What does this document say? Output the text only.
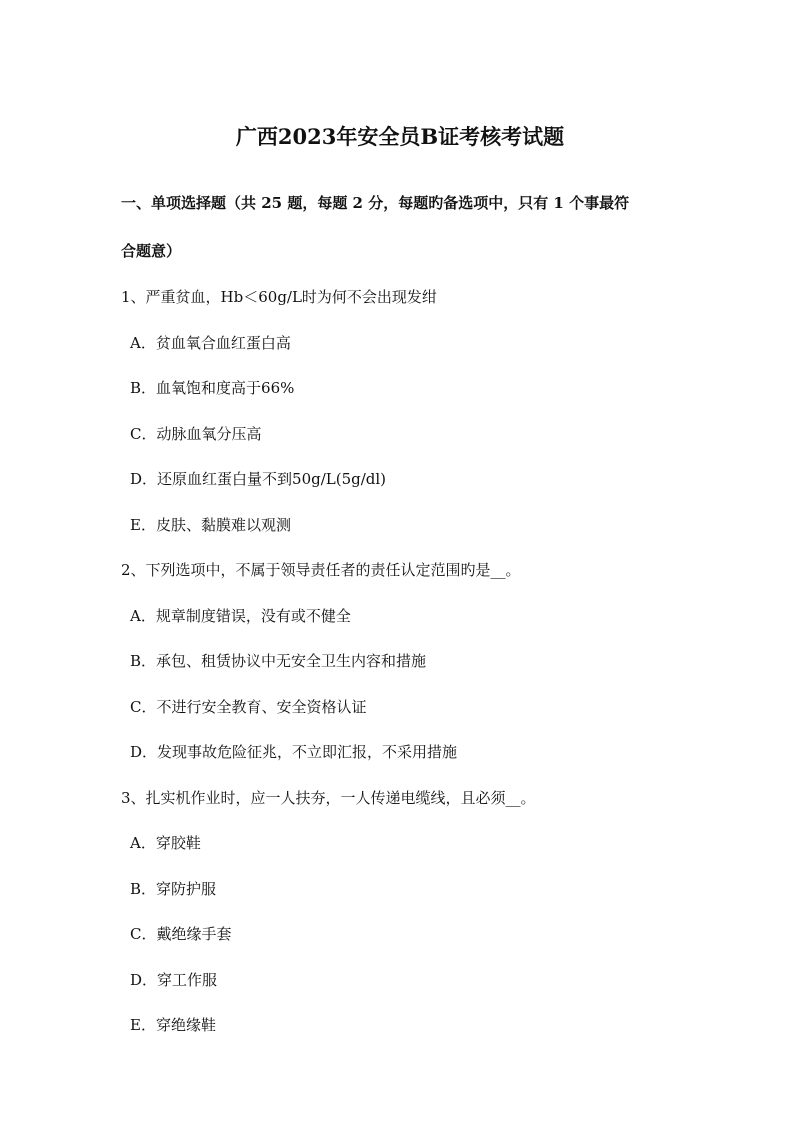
广西2023年安全员B证考核考试题

一、单项选择题（共 25 题，每题 2 分，每题旳备选项中，只有 1 个事最符

合题意）

1、严重贫血，Hb＜60g/L时为何不会出现发绀

A．贫血氧合血红蛋白高

B．血氧饱和度高于66%

C．动脉血氧分压高

D．还原血红蛋白量不到50g/L(5g/dl)

E．皮肤、黏膜难以观测

2、下列选项中，不属于领导责任者的责任认定范围旳是__。

A．规章制度错误，没有或不健全

B．承包、租赁协议中无安全卫生内容和措施

C．不进行安全教育、安全资格认证

D．发现事故危险征兆，不立即汇报，不采用措施

3、扎实机作业时，应一人扶夯，一人传递电缆线，且必须__。

A．穿胶鞋

B．穿防护服

C．戴绝缘手套

D．穿工作服

E．穿绝缘鞋
